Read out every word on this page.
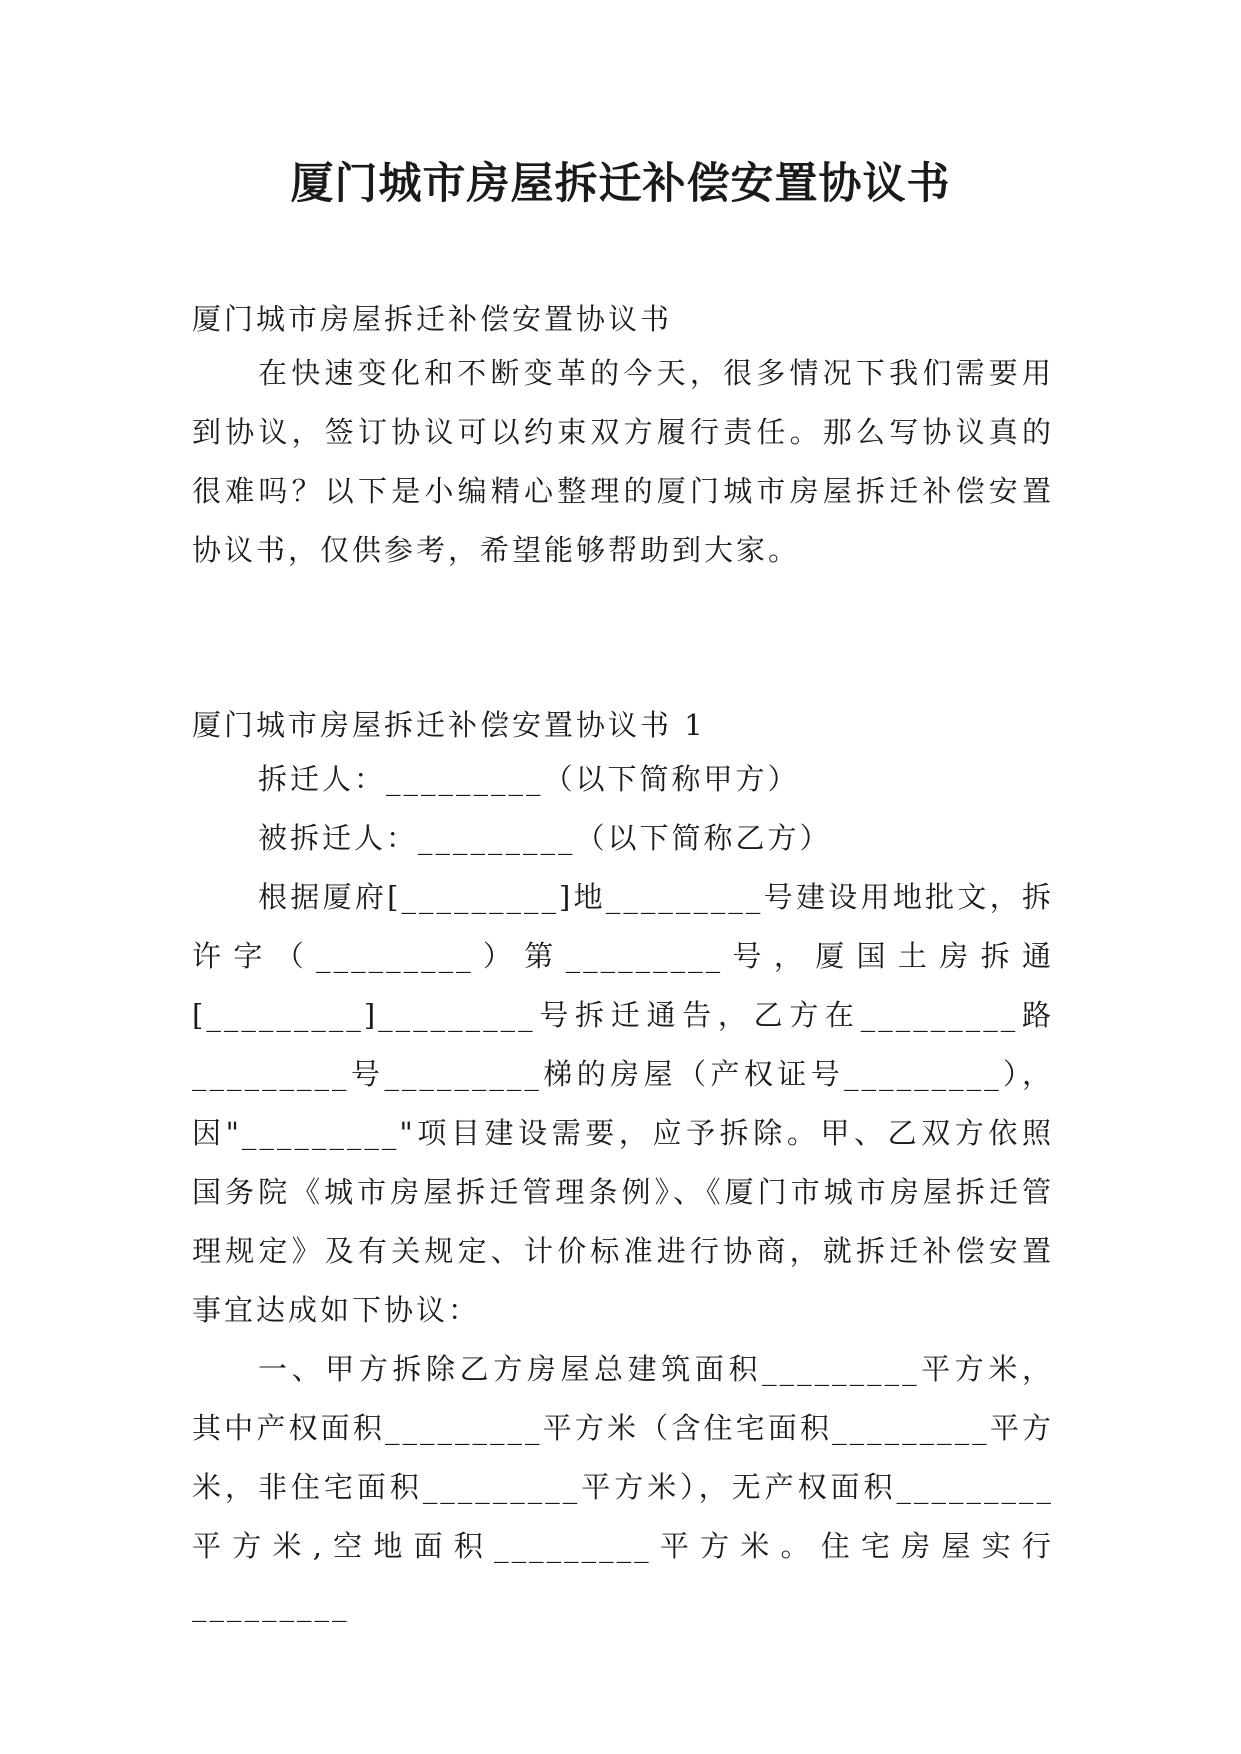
厦门城市房屋拆迁补偿安置协议书

厦门城市房屋拆迁补偿安置协议书

在快速变化和不断变革的今天，很多情况下我们需要用到协议，签订协议可以约束双方履行责任。那么写协议真的很难吗？以下是小编精心整理的厦门城市房屋拆迁补偿安置协议书，仅供参考，希望能够帮助到大家。

厦门城市房屋拆迁补偿安置协议书 1

拆迁人：_________（以下简称甲方）

被拆迁人：_________（以下简称乙方）

根据厦府[_________]地_________号建设用地批文，拆许字（_________）第_________号，厦国土房拆通[_________]_________号拆迁通告，乙方在_________路_________号_________梯的房屋（产权证号_________），因"_________"项目建设需要，应予拆除。甲、乙双方依照国务院《城市房屋拆迁管理条例》、《厦门市城市房屋拆迁管理规定》及有关规定、计价标准进行协商，就拆迁补偿安置事宜达成如下协议：

一、甲方拆除乙方房屋总建筑面积_________平方米，其中产权面积_________平方米（含住宅面积_________平方米，非住宅面积_________平方米），无产权面积_________平方米,空地面积_________平方米。住宅房屋实行_________
